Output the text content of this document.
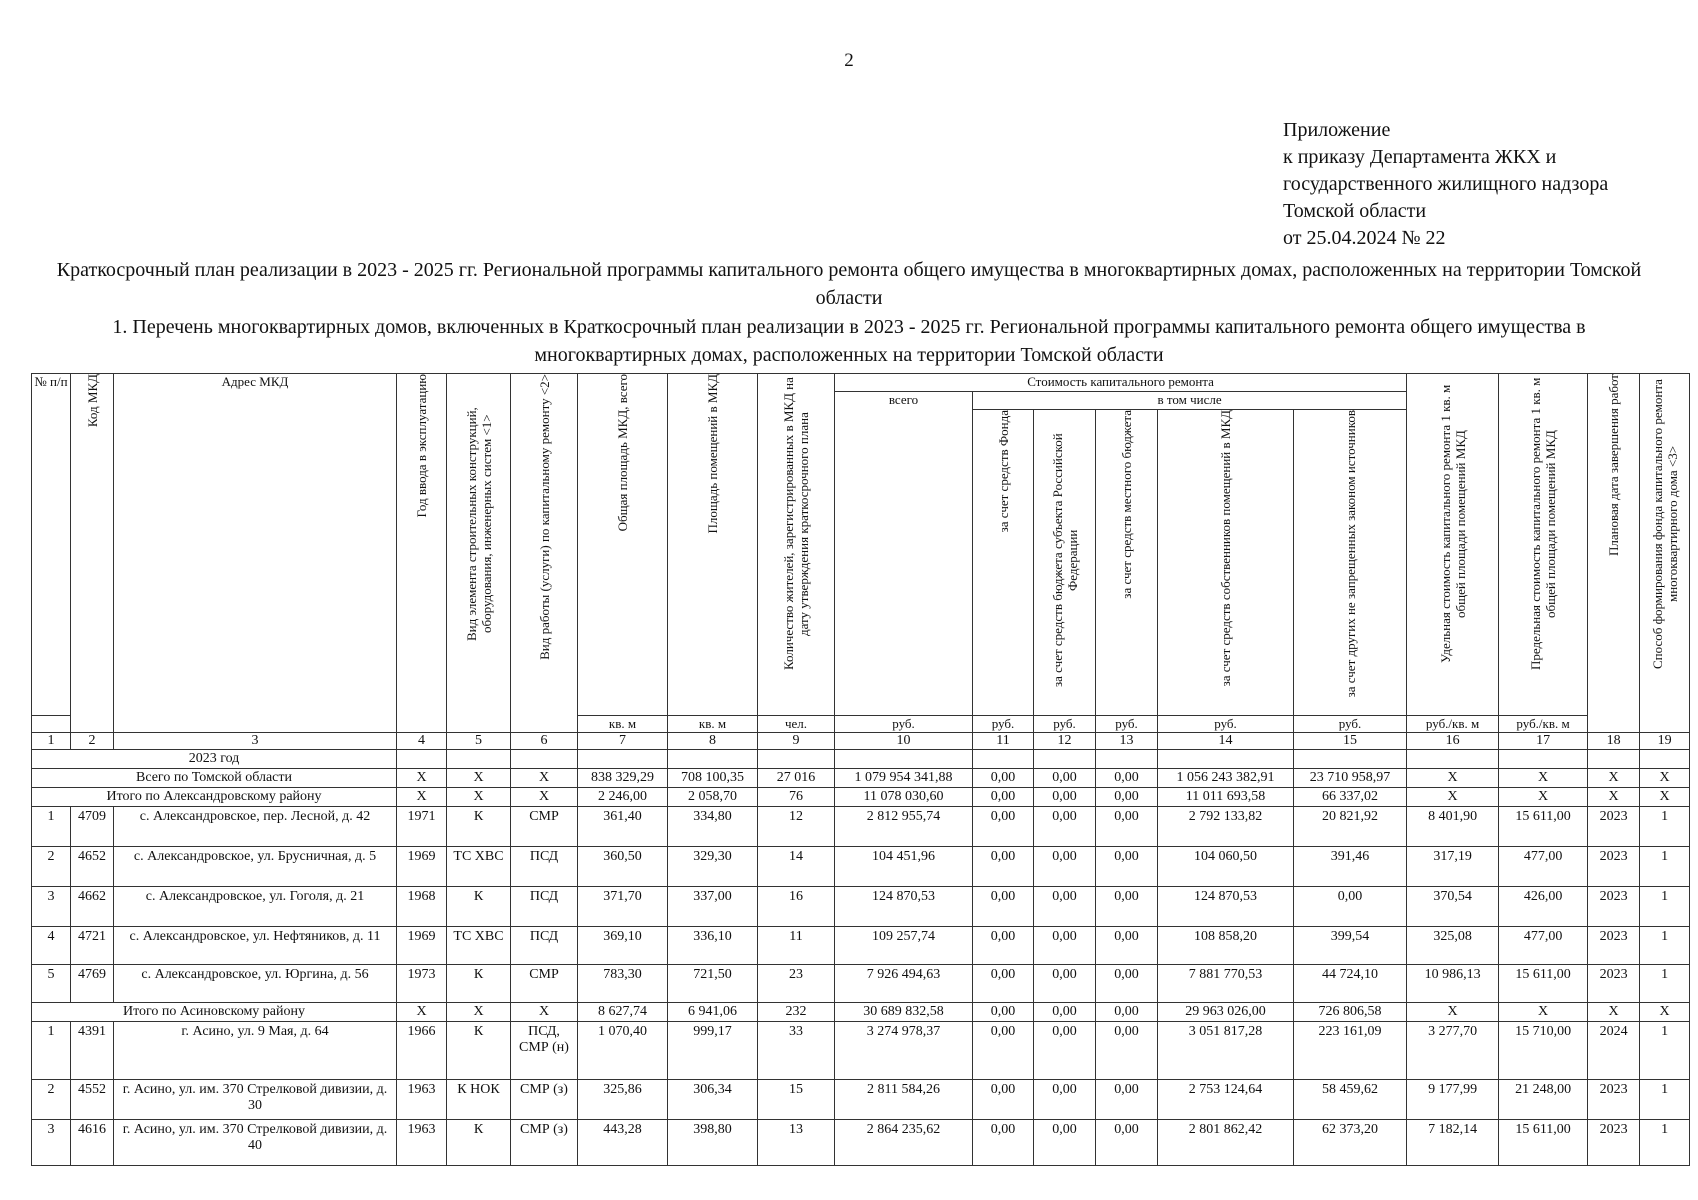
2
Приложение
к приказу Департамента ЖКХ и
государственного жилищного надзора
Томской области
от 25.04.2024 № 22
Краткосрочный план реализации в 2023 - 2025 гг. Региональной программы капитального ремонта общего имущества в многоквартирных домах, расположенных на территории Томской области
1. Перечень многоквартирных домов, включенных в Краткосрочный план реализации в 2023 - 2025 гг. Региональной программы капитального ремонта общего имущества в многоквартирных домах, расположенных на территории Томской области
№ п/п	Код МКД	Адрес МКД	Год ввода в эксплуатацию	Вид элемента строительных конструкций, оборудования, инженерных систем <1>	Вид работы (услуги) по капитальному ремонту <2>	Общая площадь МКД, всего	Площадь помещений в МКД	Количество жителей, зарегистрированных в МКД на дату утверждения краткосрочного плана	Стоимость капитального ремонта						Удельная стоимость капитального ремонта 1 кв. м общей площади помещений МКД	Предельная стоимость капитального ремонта 1 кв. м общей площади помещений МКД	Плановая дата завершения работ	Способ формирования фонда капитального ремонта многоквартирного дома <3>
									всего	в том числе								
										за счет средств Фонда	за счет средств бюджета субъекта Российской Федерации	за счет средств местного бюджета	за счет средств собственников помещений в МКД	за счет других не запрещенных законом источников				
						кв. м	кв. м	чел.	руб.	руб.	руб.	руб.	руб.	руб.	руб./кв. м	руб./кв. м		
1	2	3	4	5	6	7	8	9	10	11	12	13	14	15	16	17	18	19
2023 год																		
Всего по Томской области			X	X	X	838 329,29	708 100,35	27 016	1 079 954 341,88	0,00	0,00	0,00	1 056 243 382,91	23 710 958,97	X	X	X	X
Итого по Александровскому району			X	X	X	2 246,00	2 058,70	76	11 078 030,60	0,00	0,00	0,00	11 011 693,58	66 337,02	X	X	X	X
1	4709	с. Александровское, пер. Лесной, д. 42	1971	К	СМР	361,40	334,80	12	2 812 955,74	0,00	0,00	0,00	2 792 133,82	20 821,92	8 401,90	15 611,00	2023	1
2	4652	с. Александровское, ул. Брусничная, д. 5	1969	ТС ХВС	ПСД	360,50	329,30	14	104 451,96	0,00	0,00	0,00	104 060,50	391,46	317,19	477,00	2023	1
3	4662	с. Александровское, ул. Гоголя, д. 21	1968	К	ПСД	371,70	337,00	16	124 870,53	0,00	0,00	0,00	124 870,53	0,00	370,54	426,00	2023	1
4	4721	с. Александровское, ул. Нефтяников, д. 11	1969	ТС ХВС	ПСД	369,10	336,10	11	109 257,74	0,00	0,00	0,00	108 858,20	399,54	325,08	477,00	2023	1
5	4769	с. Александровское, ул. Юргина, д. 56	1973	К	СМР	783,30	721,50	23	7 926 494,63	0,00	0,00	0,00	7 881 770,53	44 724,10	10 986,13	15 611,00	2023	1
Итого по Асиновскому району			X	X	X	8 627,74	6 941,06	232	30 689 832,58	0,00	0,00	0,00	29 963 026,00	726 806,58	X	X	X	X
1	4391	г. Асино, ул. 9 Мая, д. 64	1966	К	ПСД, СМР (н)	1 070,40	999,17	33	3 274 978,37	0,00	0,00	0,00	3 051 817,28	223 161,09	3 277,70	15 710,00	2024	1
2	4552	г. Асино, ул. им. 370 Стрелковой дивизии, д. 30	1963	К НОК	СМР (з)	325,86	306,34	15	2 811 584,26	0,00	0,00	0,00	2 753 124,64	58 459,62	9 177,99	21 248,00	2023	1
3	4616	г. Асино, ул. им. 370 Стрелковой дивизии, д. 40	1963	К	СМР (з)	443,28	398,80	13	2 864 235,62	0,00	0,00	0,00	2 801 862,42	62 373,20	7 182,14	15 611,00	2023	1
